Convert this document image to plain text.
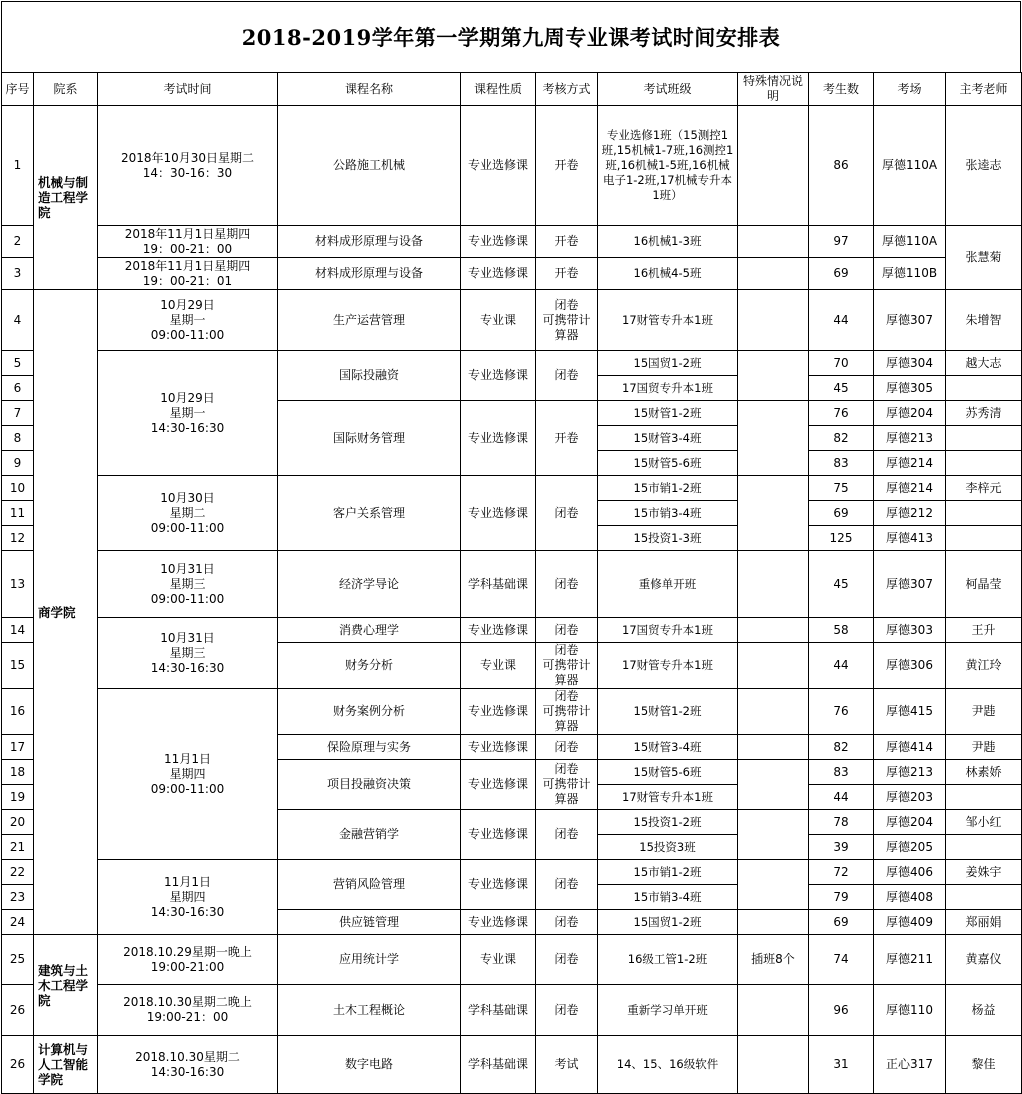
2018-2019学年第一学期第九周专业课考试时间安排表
序号	院系	考试时间	课程名称	课程性质	考核方式	考试班级	特殊情况说明	考生数	考场	主考老师
1	机械与制造工程学院	2018年10月30日星期二
14：30-16：30	公路施工机械	专业选修课	开卷	专业选修1班（15测控1班,15机械1-7班,16测控1班,16机械1-5班,16机械电子1-2班,17机械专升本1班）		86	厚德110A	张逵志
2		2018年11月1日星期四
19：00-21：00	材料成形原理与设备	专业选修课	开卷	16机械1-3班		97	厚德110A	张慧菊
3		2018年11月1日星期四
19：00-21：01	材料成形原理与设备	专业选修课	开卷	16机械4-5班		69	厚德110B	
4	商学院	10月29日
星期一
09:00-11:00	生产运营管理	专业课	闭卷
可携带计算器	17财管专升本1班		44	厚德307	朱增智
5		10月29日
星期一
14:30-16:30	国际投融资	专业选修课	闭卷	15国贸1-2班		70	厚德304	越大志
6						17国贸专升本1班		45	厚德305	
7			国际财务管理	专业选修课	开卷	15财管1-2班		76	厚德204	苏秀清
8						15财管3-4班		82	厚德213	
9						15财管5-6班		83	厚德214	
10		10月30日
星期二
09:00-11:00	客户关系管理	专业选修课	闭卷	15市销1-2班		75	厚德214	李梓元
11						15市销3-4班		69	厚德212	
12						15投资1-3班		125	厚德413	
13		10月31日
星期三
09:00-11:00	经济学导论	学科基础课	闭卷	重修单开班		45	厚德307	柯晶莹
14		10月31日
星期三
14:30-16:30	消费心理学	专业选修课	闭卷	17国贸专升本1班		58	厚德303	王升
15			财务分析	专业课	闭卷
可携带计算器	17财管专升本1班		44	厚德306	黄江玲
16		11月1日
星期四
09:00-11:00	财务案例分析	专业选修课	闭卷
可携带计算器	15财管1-2班		76	厚德415	尹韪
17			保险原理与实务	专业选修课	闭卷	15财管3-4班		82	厚德414	尹韪
18			项目投融资决策	专业选修课	闭卷
可携带计算器	15财管5-6班		83	厚德213	林素娇
19						17财管专升本1班		44	厚德203	
20			金融营销学	专业选修课	闭卷	15投资1-2班		78	厚德204	邹小红
21						15投资3班		39	厚德205	
22		11月1日
星期四
14:30-16:30	营销风险管理	专业选修课	闭卷	15市销1-2班		72	厚德406	姜姝宇
23						15市销3-4班		79	厚德408	
24			供应链管理	专业选修课	闭卷	15国贸1-2班		69	厚德409	郑丽娟
25	建筑与土木工程学院	2018.10.29星期一晚上
19:00-21:00	应用统计学	专业课	闭卷	16级工管1-2班	插班8个	74	厚德211	黄嘉仪
26		2018.10.30星期二晚上
19:00-21：00	土木工程概论	学科基础课	闭卷	重新学习单开班		96	厚德110	杨益
26	计算机与人工智能学院	2018.10.30星期二
14:30-16:30	数字电路	学科基础课	考试	14、15、16级软件		31	正心317	黎佳
